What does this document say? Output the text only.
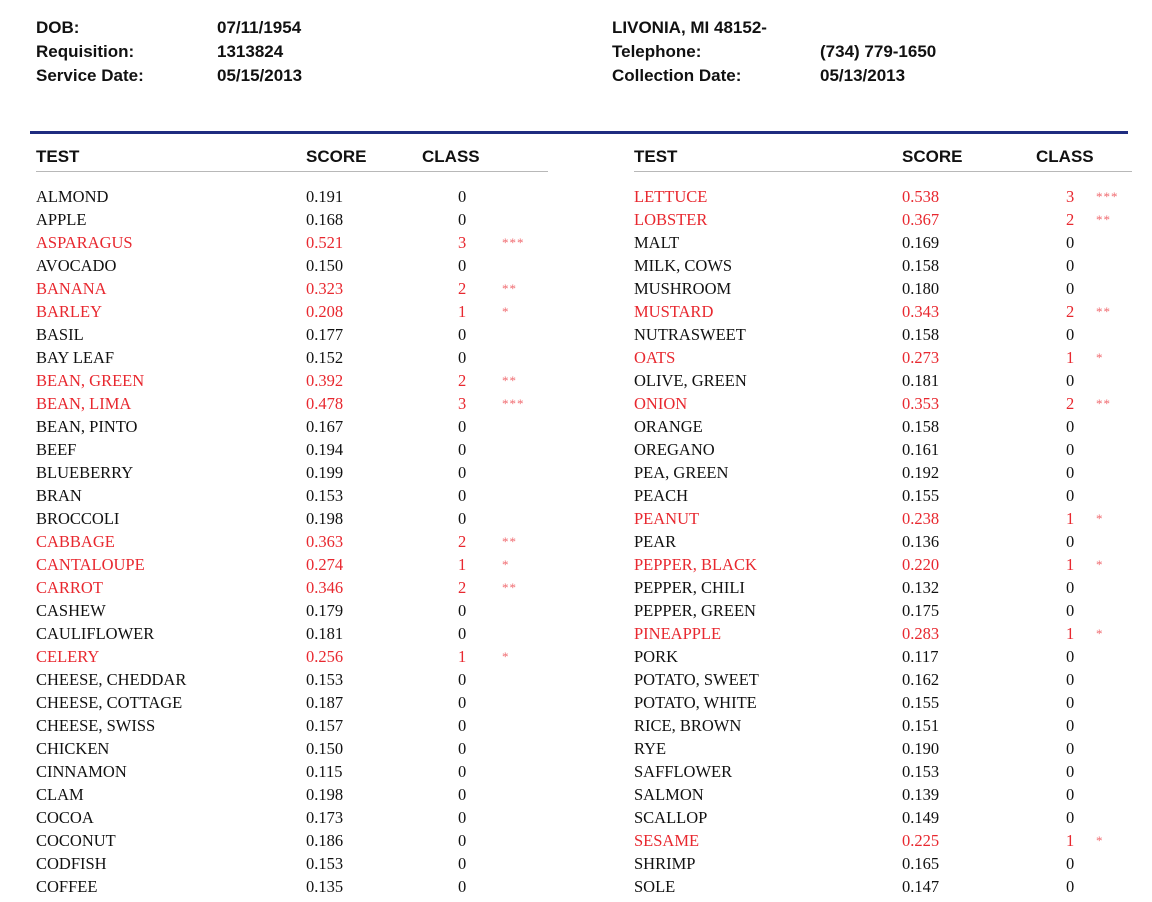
DOB:	07/11/1954
Requisition:	1313824
Service Date:	05/15/2013
LIVONIA, MI 48152-
Telephone:	(734) 779-1650
Collection Date:	05/13/2013
TEST	SCORE	CLASS
ALMOND	0.191	0
APPLE	0.168	0
ASPARAGUS	0.521	3	***
AVOCADO	0.150	0
BANANA	0.323	2	**
BARLEY	0.208	1	*
BASIL	0.177	0
BAY LEAF	0.152	0
BEAN, GREEN	0.392	2	**
BEAN, LIMA	0.478	3	***
BEAN, PINTO	0.167	0
BEEF	0.194	0
BLUEBERRY	0.199	0
BRAN	0.153	0
BROCCOLI	0.198	0
CABBAGE	0.363	2	**
CANTALOUPE	0.274	1	*
CARROT	0.346	2	**
CASHEW	0.179	0
CAULIFLOWER	0.181	0
CELERY	0.256	1	*
CHEESE, CHEDDAR	0.153	0
CHEESE, COTTAGE	0.187	0
CHEESE, SWISS	0.157	0
CHICKEN	0.150	0
CINNAMON	0.115	0
CLAM	0.198	0
COCOA	0.173	0
COCONUT	0.186	0
CODFISH	0.153	0
COFFEE	0.135	0
TEST	SCORE	CLASS
LETTUCE	0.538	3	***
LOBSTER	0.367	2	**
MALT	0.169	0
MILK, COWS	0.158	0
MUSHROOM	0.180	0
MUSTARD	0.343	2	**
NUTRASWEET	0.158	0
OATS	0.273	1	*
OLIVE, GREEN	0.181	0
ONION	0.353	2	**
ORANGE	0.158	0
OREGANO	0.161	0
PEA, GREEN	0.192	0
PEACH	0.155	0
PEANUT	0.238	1	*
PEAR	0.136	0
PEPPER, BLACK	0.220	1	*
PEPPER, CHILI	0.132	0
PEPPER, GREEN	0.175	0
PINEAPPLE	0.283	1	*
PORK	0.117	0
POTATO, SWEET	0.162	0
POTATO, WHITE	0.155	0
RICE, BROWN	0.151	0
RYE	0.190	0
SAFFLOWER	0.153	0
SALMON	0.139	0
SCALLOP	0.149	0
SESAME	0.225	1	*
SHRIMP	0.165	0
SOLE	0.147	0
